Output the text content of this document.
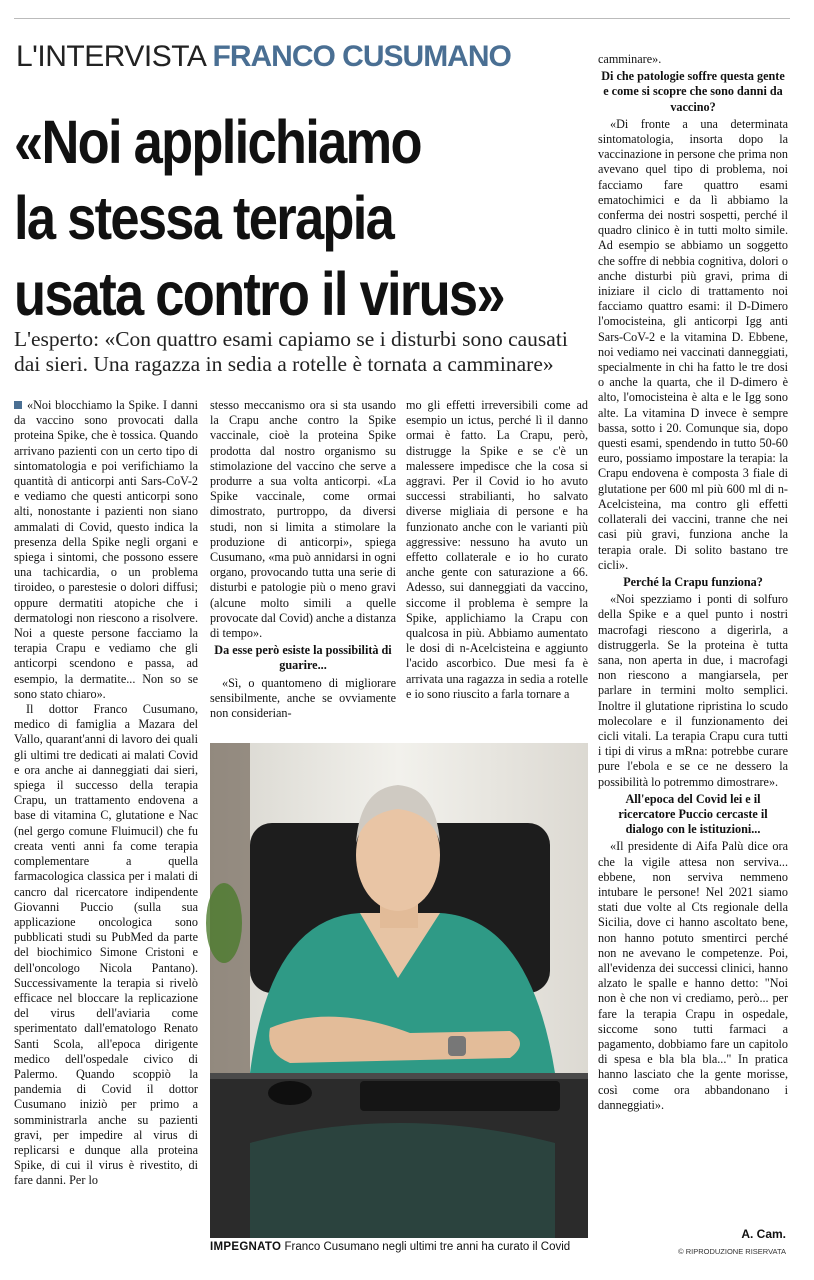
L'INTERVISTA FRANCO CUSUMANO
«Noi applichiamo
la stessa terapia
usata contro il virus»
L'esperto: «Con quattro esami capiamo se i disturbi sono causati dai sieri. Una ragazza in sedia a rotelle è tornata a camminare»

«Noi blocchiamo la Spike. I danni da vaccino sono provocati dalla proteina Spike, che è tossica. Quando arrivano pazienti con un certo tipo di sintomatologia e poi verifichiamo la quantità di anticorpi anti Sars-CoV-2 e vediamo che questi anticorpi sono alti, nonostante i pazienti non siano ammalati di Covid, questo indica la presenza della Spike negli organi e spiega i sintomi, che possono essere una tachicardia, o un problema tiroideo, o parestesie o dolori diffusi; oppure dermatiti atopiche che i dermatologi non riescono a risolvere. Noi a queste persone facciamo la terapia Crapu e vediamo che gli anticorpi scendono e passa, ad esempio, la dermatite... Non so se sono stato chiaro».

Il dottor Franco Cusumano, medico di famiglia a Mazara del Vallo, quarant'anni di lavoro dei quali gli ultimi tre dedicati ai malati Covid e ora anche ai danneggiati dai sieri, spiega il successo della terapia Crapu, un trattamento endovena a base di vitamina C, glutatione e Nac (nel gergo comune Fluimucil) che fu creata venti anni fa come terapia complementare a quella farmacologica classica per i malati di cancro dal ricercatore indipendente Giovanni Puccio (sulla sua applicazione oncologica sono pubblicati studi su PubMed da parte del biochimico Simone Cristoni e dell'oncologo Nicola Pantano). Successivamente la terapia si rivelò efficace nel bloccare la replicazione del virus dell'aviaria come sperimentato dall'ematologo Renato Santi Scola, all'epoca dirigente medico dell'ospedale civico di Palermo. Quando scoppiò la pandemia di Covid il dottor Cusumano iniziò per primo a somministrarla anche su pazienti gravi, per impedire al virus di replicarsi e dunque alla proteina Spike, di cui il virus è rivestito, di fare danni. Per lo

stesso meccanismo ora si sta usando la Crapu anche contro la Spike vaccinale, cioè la proteina Spike prodotta dal nostro organismo su stimolazione del vaccino che serve a produrre a sua volta anticorpi. «La Spike vaccinale, come ormai dimostrato, purtroppo, da diversi studi, non si limita a stimolare la produzione di anticorpi», spiega Cusumano, «ma può annidarsi in ogni organo, provocando tutta una serie di disturbi e patologie più o meno gravi (alcune molto simili a quelle provocate dal Covid) anche a distanza di tempo».

Da esse però esiste la possibilità di guarire...

«Sì, o quantomeno di migliorare sensibilmente, anche se ovviamente non considerian-

mo gli effetti irreversibili come ad esempio un ictus, perché lì il danno ormai è fatto. La Crapu, però, distrugge la Spike e se c'è un malessere impedisce che la cosa si aggravi. Per il Covid io ho avuto successi strabilianti, ho salvato diverse migliaia di persone e ha funzionato anche con le varianti più aggressive: nessuno ha avuto un effetto collaterale e io ho curato anche gente con saturazione a 66. Adesso, sui danneggiati da vaccino, siccome il problema è sempre la Spike, applichiamo la Crapu con qualcosa in più. Abbiamo aumentato le dosi di n-Acelcisteina e aggiunto l'acido ascorbico. Due mesi fa è arrivata una ragazza in sedia a rotelle e io sono riuscito a farla tornare a

camminare».

Di che patologie soffre questa gente e come si scopre che sono danni da vaccino?

«Di fronte a una determinata sintomatologia, insorta dopo la vaccinazione in persone che prima non avevano quel tipo di problema, noi facciamo fare quattro esami ematochimici e da lì abbiamo la conferma dei nostri sospetti, perché il quadro clinico è in tutti molto simile. Ad esempio se abbiamo un soggetto che soffre di nebbia cognitiva, dolori o anche disturbi più gravi, prima di iniziare il ciclo di trattamento noi facciamo quattro esami: il D-Dimero l'omocisteina, gli anticorpi Igg anti Sars-CoV-2 e la vitamina D. Ebbene, noi vediamo nei vaccinati danneggiati, specialmente in chi ha fatto le tre dosi o anche la quarta, che il D-dimero è alto, l'omocisteina è alta e le Igg sono alte. La vitamina D invece è sempre bassa, sotto i 20. Comunque sia, dopo questi esami, spendendo in tutto 50-60 euro, possiamo impostare la terapia: la Crapu endovena è composta 3 fiale di glutatione per 600 ml più 600 ml di n-Acelcisteina, ma contro gli effetti collaterali dei vaccini, tranne che nei casi più gravi, funziona anche la terapia orale. Di solito bastano tre cicli».

Perché la Crapu funziona?

«Noi spezziamo i ponti di solfuro della Spike e a quel punto i nostri macrofagi riescono a digerirla, a distruggerla. Se la proteina è tutta sana, non aperta in due, i macrofagi non riescono a mangiarsela, per parlare in termini molto semplici. Inoltre il glutatione ripristina lo scudo molecolare e il funzionamento dei cicli vitali. La terapia Crapu cura tutti i tipi di virus a mRna: potrebbe curare pure l'ebola e se ce ne dessero la possibilità lo potremmo dimostrare».

All'epoca del Covid lei e il ricercatore Puccio cercaste il dialogo con le istituzioni...

«Il presidente di Aifa Palù dice ora che la vigile attesa non serviva... ebbene, non serviva nemmeno intubare le persone! Nel 2021 siamo stati due volte al Cts regionale della Sicilia, dove ci hanno ascoltato bene, non hanno potuto smentirci perché non ne avevano le competenze. Poi, all'evidenza dei successi clinici, hanno alzato le spalle e hanno detto: "Noi non è che non vi crediamo, però... per fare la terapia Crapu in ospedale, siccome sono tutti farmaci a pagamento, dobbiamo fare un capitolo di spesa e bla bla bla..." In pratica hanno lasciato che la gente morisse, così come ora abbandonano i danneggiati».

IMPEGNATO Franco Cusumano negli ultimi tre anni ha curato il Covid
A. Cam.
© RIPRODUZIONE RISERVATA
